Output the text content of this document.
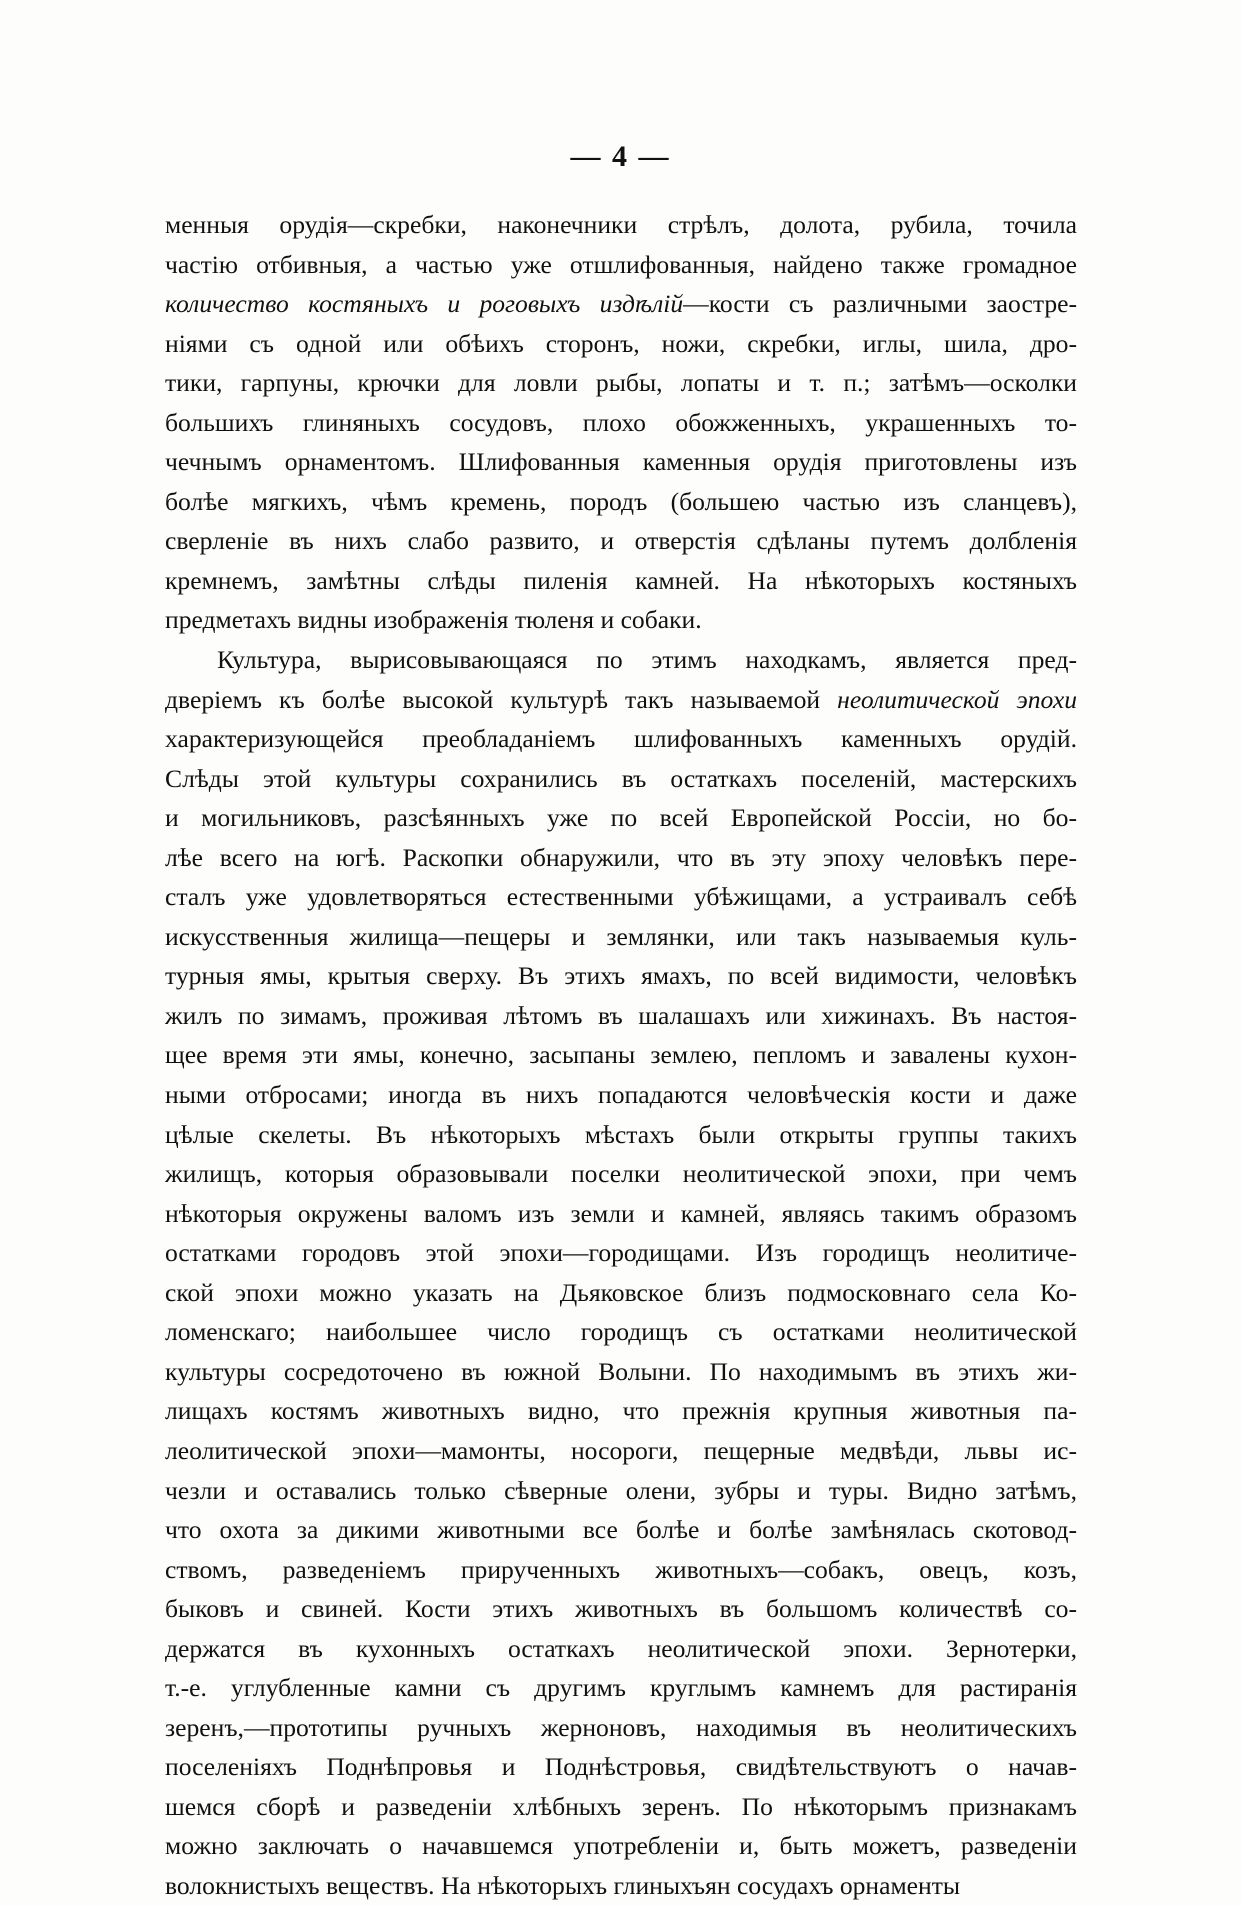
— 4 —
менныя орудія—скребки, наконечники стрѣлъ, долота, рубила, точила
частію отбивныя, а частью уже отшлифованныя, найдено также громадное
количество костяныхъ и роговыхъ издѣлій—кости съ различными заостре-
ніями съ одной или обѣихъ сторонъ, ножи, скребки, иглы, шила, дро-
тики, гарпуны, крючки для ловли рыбы, лопаты и т. п.; затѣмъ—осколки
большихъ глиняныхъ сосудовъ, плохо обожженныхъ, украшенныхъ то-
чечнымъ орнаментомъ. Шлифованныя каменныя орудія приготовлены изъ
болѣе мягкихъ, чѣмъ кремень, породъ (большею частью изъ сланцевъ),
сверленіе въ нихъ слабо развито, и отверстія сдѣланы путемъ долбленія
кремнемъ, замѣтны слѣды пиленія камней. На нѣкоторыхъ костяныхъ
предметахъ видны изображенія тюленя и собаки.
Культура, вырисовывающаяся по этимъ находкамъ, является пред-
дверіемъ къ болѣе высокой культурѣ такъ называемой неолитической эпохи
характеризующейся преобладаніемъ шлифованныхъ каменныхъ орудій.
Слѣды этой культуры сохранились въ остаткахъ поселеній, мастерскихъ
и могильниковъ, разсѣянныхъ уже по всей Европейской Россіи, но бо-
лѣе всего на югѣ. Раскопки обнаружили, что въ эту эпоху человѣкъ пере-
сталъ уже удовлетворяться естественными убѣжищами, а устраивалъ себѣ
искусственныя жилища—пещеры и землянки, или такъ называемыя куль-
турныя ямы, крытыя сверху. Въ этихъ ямахъ, по всей видимости, человѣкъ
жилъ по зимамъ, проживая лѣтомъ въ шалашахъ или хижинахъ. Въ настоя-
щее время эти ямы, конечно, засыпаны землею, пепломъ и завалены кухон-
ными отбросами; иногда въ нихъ попадаются человѣческія кости и даже
цѣлые скелеты. Въ нѣкоторыхъ мѣстахъ были открыты группы такихъ
жилищъ, которыя образовывали поселки неолитической эпохи, при чемъ
нѣкоторыя окружены валомъ изъ земли и камней, являясь такимъ образомъ
остатками городовъ этой эпохи—городищами. Изъ городищъ неолитиче-
ской эпохи можно указать на Дьяковское близъ подмосковнаго села Ко-
ломенскаго; наибольшее число городищъ съ остатками неолитической
культуры сосредоточено въ южной Волыни. По находимымъ въ этихъ жи-
лищахъ костямъ животныхъ видно, что прежнія крупныя животныя па-
леолитической эпохи—мамонты, носороги, пещерные медвѣди, львы ис-
чезли и оставались только сѣверные олени, зубры и туры. Видно затѣмъ,
что охота за дикими животными все болѣе и болѣе замѣнялась скотовод-
ствомъ, разведеніемъ прирученныхъ животныхъ—собакъ, овецъ, козъ,
быковъ и свиней. Кости этихъ животныхъ въ большомъ количествѣ со-
держатся въ кухонныхъ остаткахъ неолитической эпохи. Зернотерки,
т.-е. углубленные камни съ другимъ круглымъ камнемъ для растиранія
зеренъ,—прототипы ручныхъ жерноновъ, находимыя въ неолитическихъ
поселеніяхъ Поднѣпровья и Поднѣстровья, свидѣтельствуютъ о начав-
шемся сборѣ и разведеніи хлѣбныхъ зеренъ. По нѣкоторымъ признакамъ
можно заключать о начавшемся употребленіи и, быть можетъ, разведеніи
волокнистыхъ веществъ. На нѣкоторыхъ глиныхъян сосудахъ орнаменты
